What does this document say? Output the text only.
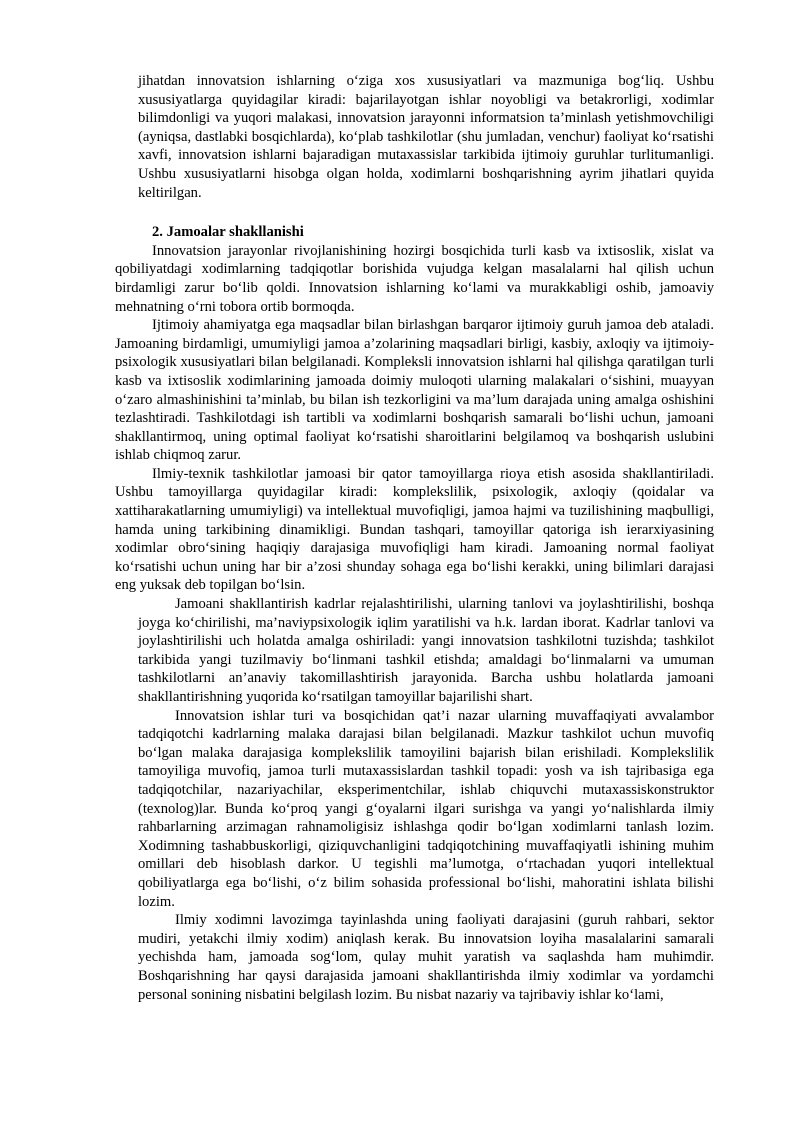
jihatdan innovatsion ishlarning o‘ziga xos xususiyatlari va mazmuniga bog‘liq. Ushbu xususiyatlarga quyidagilar kiradi: bajarilayotgan ishlar noyobligi va betakrorligi, xodimlar bilimdonligi va yuqori malakasi, innovatsion jarayonni informatsion ta’minlash yetishmovchiligi (ayniqsa, dastlabki bosqichlarda), ko‘plab tashkilotlar (shu jumladan, venchur) faoliyat ko‘rsatishi xavfi, innovatsion ishlarni bajaradigan mutaxassislar tarkibida ijtimoiy guruhlar turlitumanligi. Ushbu xususiyatlarni hisobga olgan holda, xodimlarni boshqarishning ayrim jihatlari quyida keltirilgan.

2. Jamoalar shakllanishi

Innovatsion jarayonlar rivojlanishining hozirgi bosqichida turli kasb va ixtisoslik, xislat va qobiliyatdagi xodimlarning tadqiqotlar borishida vujudga kelgan masalalarni hal qilish uchun birdamligi zarur bo‘lib qoldi. Innovatsion ishlarning ko‘lami va murakkabligi oshib, jamoaviy mehnatning o‘rni tobora ortib bormoqda.

Ijtimoiy ahamiyatga ega maqsadlar bilan birlashgan barqaror ijtimoiy guruh jamoa deb ataladi. Jamoaning birdamligi, umumiyligi jamoa a’zolarining maqsadlari birligi, kasbiy, axloqiy va ijtimoiy-psixologik xususiyatlari bilan belgilanadi. Kompleksli innovatsion ishlarni hal qilishga qaratilgan turli kasb va ixtisoslik xodimlarining jamoada doimiy muloqoti ularning malakalari o‘sishini, muayyan o‘zaro almashinishini ta’minlab, bu bilan ish tezkorligini va ma’lum darajada uning amalga oshishini tezlashtiradi. Tashkilotdagi ish tartibli va xodimlarni boshqarish samarali bo‘lishi uchun, jamoani shakllantirmoq, uning optimal faoliyat ko‘rsatishi sharoitlarini belgilamoq va boshqarish uslubini ishlab chiqmoq zarur.

Ilmiy-texnik tashkilotlar jamoasi bir qator tamoyillarga rioya etish asosida shakllantiriladi. Ushbu tamoyillarga quyidagilar kiradi: komplekslilik, psixologik, axloqiy (qoidalar va xattiharakatlarning umumiyligi) va intellektual muvofiqligi, jamoa hajmi va tuzilishining maqbulligi, hamda uning tarkibining dinamikligi. Bundan tashqari, tamoyillar qatoriga ish ierarxiyasining xodimlar obro‘sining haqiqiy darajasiga muvofiqligi ham kiradi. Jamoaning normal faoliyat ko‘rsatishi uchun uning har bir a’zosi shunday sohaga ega bo‘lishi kerakki, uning bilimlari darajasi eng yuksak deb topilgan bo‘lsin.

Jamoani shakllantirish kadrlar rejalashtirilishi, ularning tanlovi va joylashtirilishi, boshqa joyga ko‘chirilishi, ma’naviypsixologik iqlim yaratilishi va h.k. lardan iborat. Kadrlar tanlovi va joylashtirilishi uch holatda amalga oshiriladi: yangi innovatsion tashkilotni tuzishda; tashkilot tarkibida yangi tuzilmaviy bo‘linmani tashkil etishda; amaldagi bo‘linmalarni va umuman tashkilotlarni an’anaviy takomillashtirish jarayonida. Barcha ushbu holatlarda jamoani shakllantirishning yuqorida ko‘rsatilgan tamoyillar bajarilishi shart.

Innovatsion ishlar turi va bosqichidan qat’i nazar ularning muvaffaqiyati avvalambor tadqiqotchi kadrlarning malaka darajasi bilan belgilanadi. Mazkur tashkilot uchun muvofiq bo‘lgan malaka darajasiga komplekslilik tamoyilini bajarish bilan erishiladi. Komplekslilik tamoyiliga muvofiq, jamoa turli mutaxassislardan tashkil topadi: yosh va ish tajribasiga ega tadqiqotchilar, nazariyachilar, eksperimentchilar, ishlab chiquvchi mutaxassiskonstruktor (texnolog)lar. Bunda ko‘proq yangi g‘oyalarni ilgari surishga va yangi yo‘nalishlarda ilmiy rahbarlarning arzimagan rahnamoligisiz ishlashga qodir bo‘lgan xodimlarni tanlash lozim. Xodimning tashabbuskorligi, qiziquvchanligini tadqiqotchining muvaffaqiyatli ishining muhim omillari deb hisoblash darkor. U tegishli ma’lumotga, o‘rtachadan yuqori intellektual qobiliyatlarga ega bo‘lishi, o‘z bilim sohasida professional bo‘lishi, mahoratini ishlata bilishi lozim.

Ilmiy xodimni lavozimga tayinlashda uning faoliyati darajasini (guruh rahbari, sektor mudiri, yetakchi ilmiy xodim) aniqlash kerak. Bu innovatsion loyiha masalalarini samarali yechishda ham, jamoada sog‘lom, qulay muhit yaratish va saqlashda ham muhimdir. Boshqarishning har qaysi darajasida jamoani shakllantirishda ilmiy xodimlar va yordamchi personal sonining nisbatini belgilash lozim. Bu nisbat nazariy va tajribaviy ishlar ko‘lami,
